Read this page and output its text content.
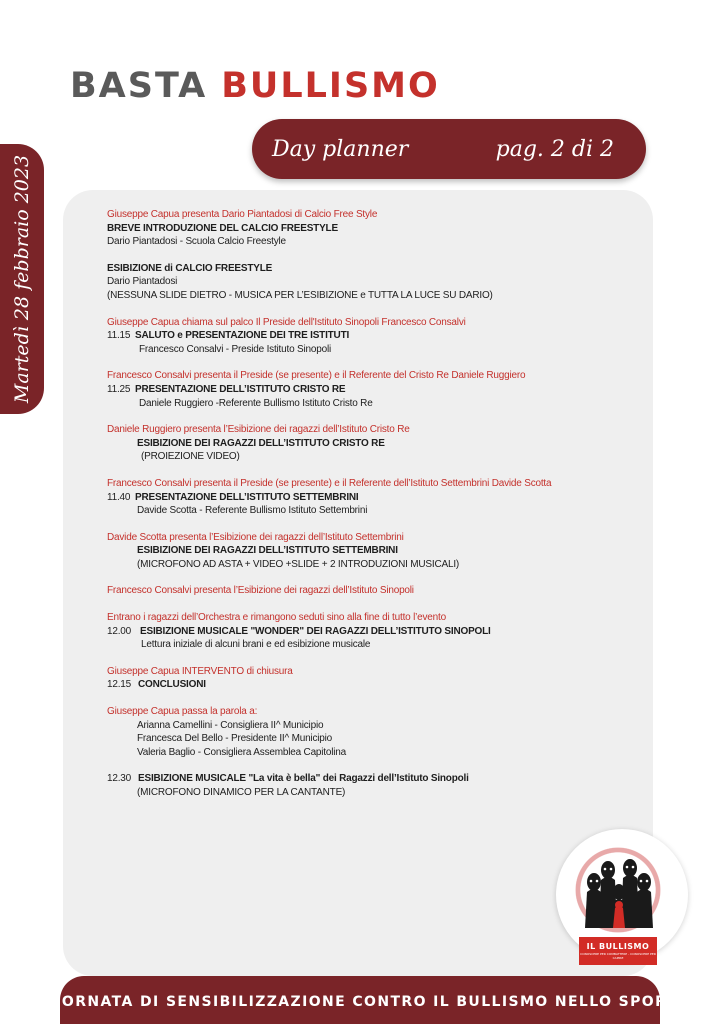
BASTA BULLISMO
Day planner	pag. 2 di 2
Martedì 28 febbraio 2023	Giuseppe Capua presenta Dario Piantadosi di Calcio Free Style
BREVE INTRODUZIONE DEL CALCIO FREESTYLE
Dario Piantadosi - Scuola Calcio Freestyle
ESIBIZIONE di CALCIO FREESTYLE
Dario Piantadosi
(NESSUNA SLIDE DIETRO - MUSICA PER L’ESIBIZIONE e TUTTA LA LUCE SU DARIO)
Giuseppe Capua chiama sul palco Il Preside dell'Istituto Sinopoli Francesco Consalvi
11.15 SALUTO e PRESENTAZIONE DEI TRE ISTITUTI
Francesco Consalvi - Preside Istituto Sinopoli
Francesco Consalvi presenta il Preside (se presente) e il Referente del Cristo Re Daniele Ruggiero
11.25 PRESENTAZIONE DELL’ISTITUTO CRISTO RE
Daniele Ruggiero -Referente Bullismo Istituto Cristo Re
Daniele Ruggiero presenta l’Esibizione dei ragazzi dell’Istituto Cristo Re
ESIBIZIONE DEI RAGAZZI DELL’ISTITUTO CRISTO RE
(PROIEZIONE VIDEO)
Francesco Consalvi presenta il Preside (se presente) e il Referente dell’Istituto Settembrini Davide Scotta
11.40 PRESENTAZIONE DELL’ISTITUTO SETTEMBRINI
Davide Scotta - Referente Bullismo Istituto Settembrini
Davide Scotta presenta l’Esibizione dei ragazzi dell’Istituto Settembrini
ESIBIZIONE DEI RAGAZZI DELL’ISTITUTO SETTEMBRINI
(MICROFONO AD ASTA + VIDEO +SLIDE + 2 INTRODUZIONI MUSICALI)
Francesco Consalvi presenta l’Esibizione dei ragazzi dell’Istituto Sinopoli
Entrano i ragazzi dell’Orchestra e rimangono seduti sino alla fine di tutto l’evento
12.00 ESIBIZIONE MUSICALE "WONDER" DEI RAGAZZI DELL’ISTITUTO SINOPOLI
Lettura iniziale di alcuni brani e ed esibizione musicale
Giuseppe Capua INTERVENTO di chiusura
12.15 CONCLUSIONI
Giuseppe Capua passa la parola a:
Arianna Camellini - Consigliera II^ Municipio
Francesca Del Bello - Presidente II^ Municipio
Valeria Baglio - Consigliera Assemblea Capitolina
12.30 ESIBIZIONE MUSICALE "La vita è bella" dei Ragazzi dell’Istituto Sinopoli
(MICROFONO DINAMICO PER LA CANTANTE)
IL BULLISMO
CONOSCERE PER COMBATTERE - CONOSCERE PER CAPIRE
GIORNATA DI SENSIBILIZZAZIONE CONTRO IL BULLISMO NELLO SPORT
